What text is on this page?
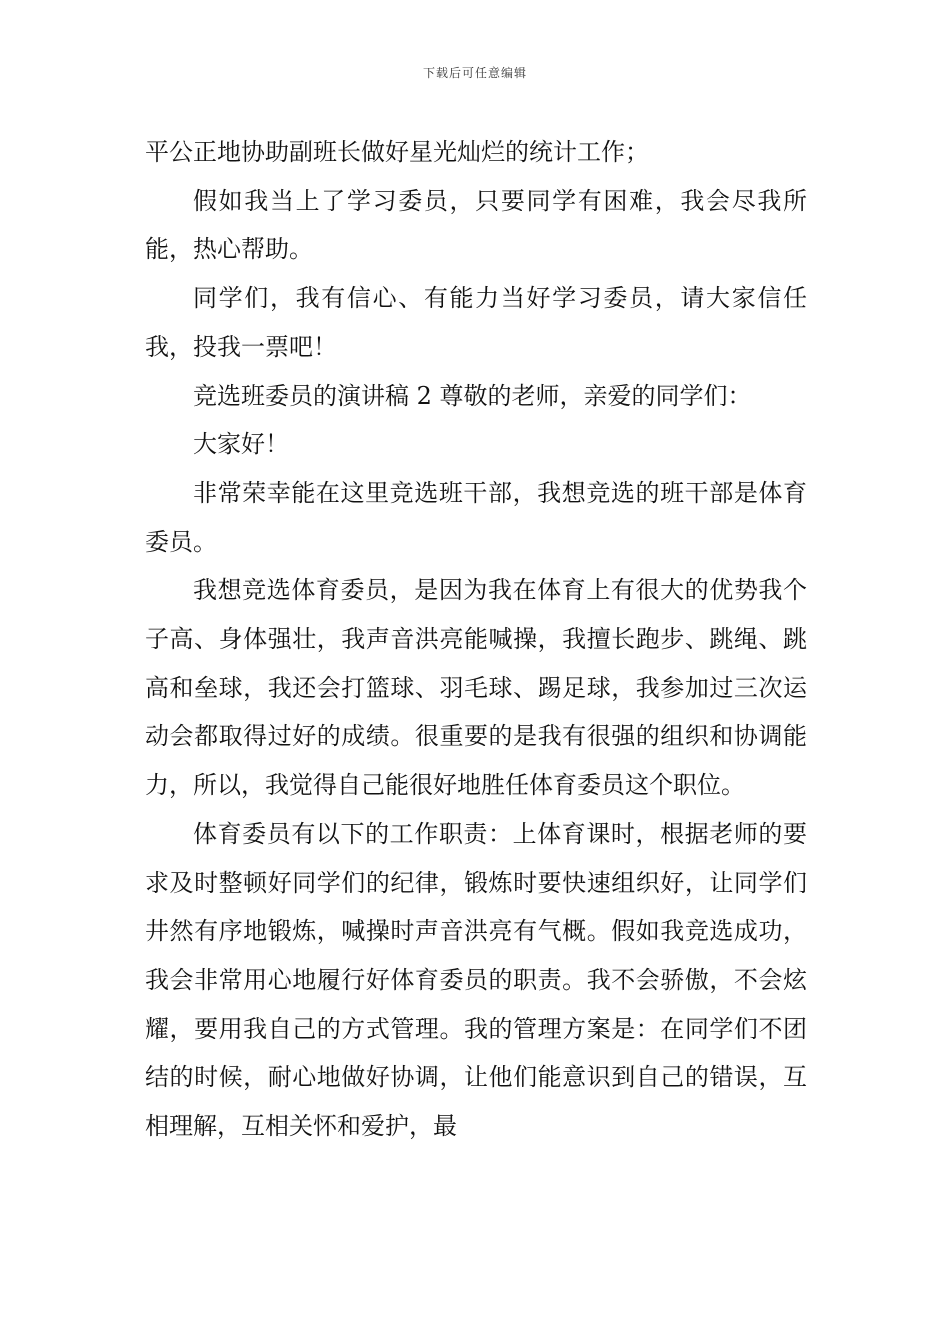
下载后可任意编辑

平公正地协助副班长做好星光灿烂的统计工作；

假如我当上了学习委员，只要同学有困难，我会尽我所能，热心帮助。

同学们，我有信心、有能力当好学习委员，请大家信任我，投我一票吧！

竞选班委员的演讲稿 2 尊敬的老师，亲爱的同学们：

大家好！

非常荣幸能在这里竞选班干部，我想竞选的班干部是体育委员。

我想竞选体育委员，是因为我在体育上有很大的优势我个子高、身体强壮，我声音洪亮能喊操，我擅长跑步、跳绳、跳高和垒球，我还会打篮球、羽毛球、踢足球，我参加过三次运动会都取得过好的成绩。很重要的是我有很强的组织和协调能力，所以，我觉得自己能很好地胜任体育委员这个职位。

体育委员有以下的工作职责：上体育课时，根据老师的要求及时整顿好同学们的纪律，锻炼时要快速组织好，让同学们井然有序地锻炼，喊操时声音洪亮有气概。假如我竞选成功，我会非常用心地履行好体育委员的职责。我不会骄傲，不会炫耀，要用我自己的方式管理。我的管理方案是：在同学们不团结的时候，耐心地做好协调，让他们能意识到自己的错误，互相理解，互相关怀和爱护，最
